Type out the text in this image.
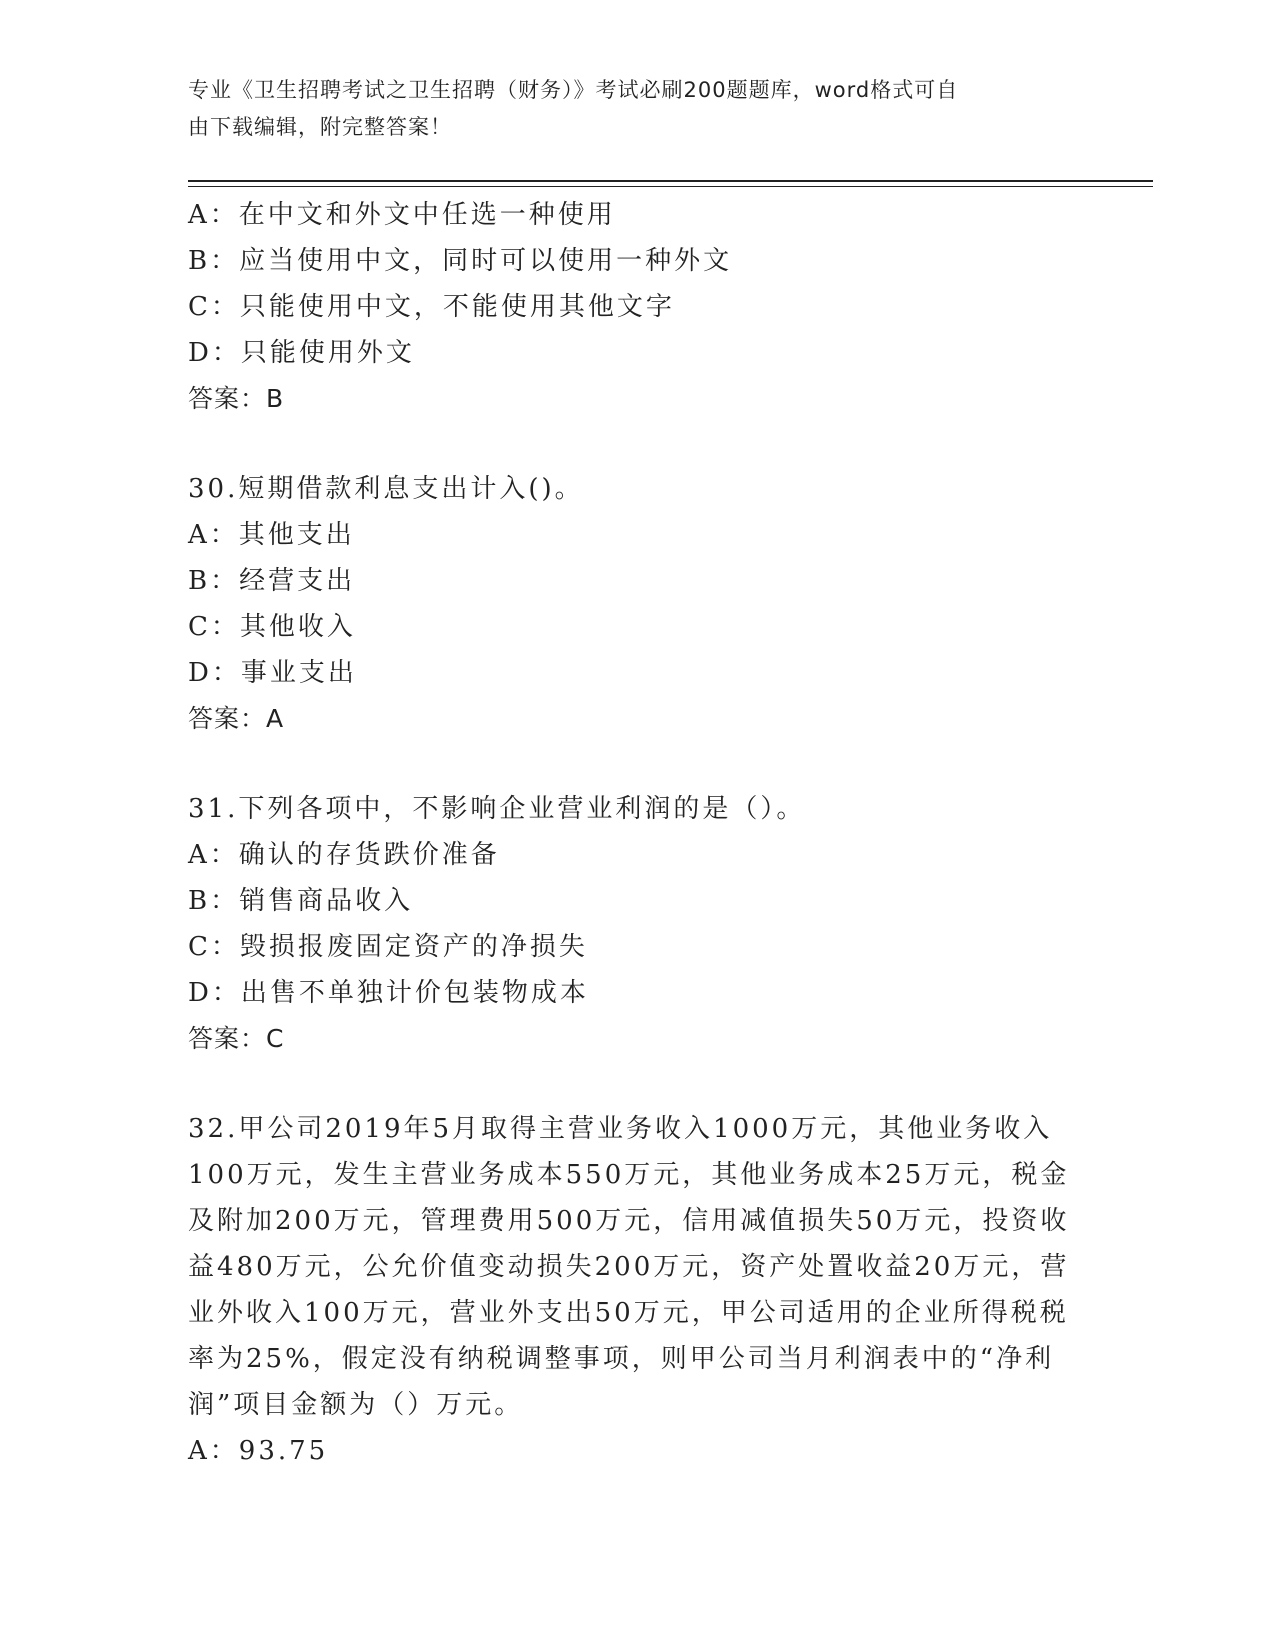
专业《卫生招聘考试之卫生招聘（财务）》考试必刷200题题库，word格式可自
由下载编辑，附完整答案！
A：在中文和外文中任选一种使用
B：应当使用中文，同时可以使用一种外文
C：只能使用中文，不能使用其他文字
D：只能使用外文
答案：B
30.短期借款利息支出计入()。
A：其他支出
B：经营支出
C：其他收入
D：事业支出
答案：A
31.下列各项中，不影响企业营业利润的是（）。
A：确认的存货跌价准备
B：销售商品收入
C：毁损报废固定资产的净损失
D：出售不单独计价包装物成本
答案：C
32.甲公司2019年5月取得主营业务收入1000万元，其他业务收入
100万元，发生主营业务成本550万元，其他业务成本25万元，税金
及附加200万元，管理费用500万元，信用减值损失50万元，投资收
益480万元，公允价值变动损失200万元，资产处置收益20万元，营
业外收入100万元，营业外支出50万元，甲公司适用的企业所得税税
率为25%，假定没有纳税调整事项，则甲公司当月利润表中的“净利
润”项目金额为（）万元。
A：93.75
